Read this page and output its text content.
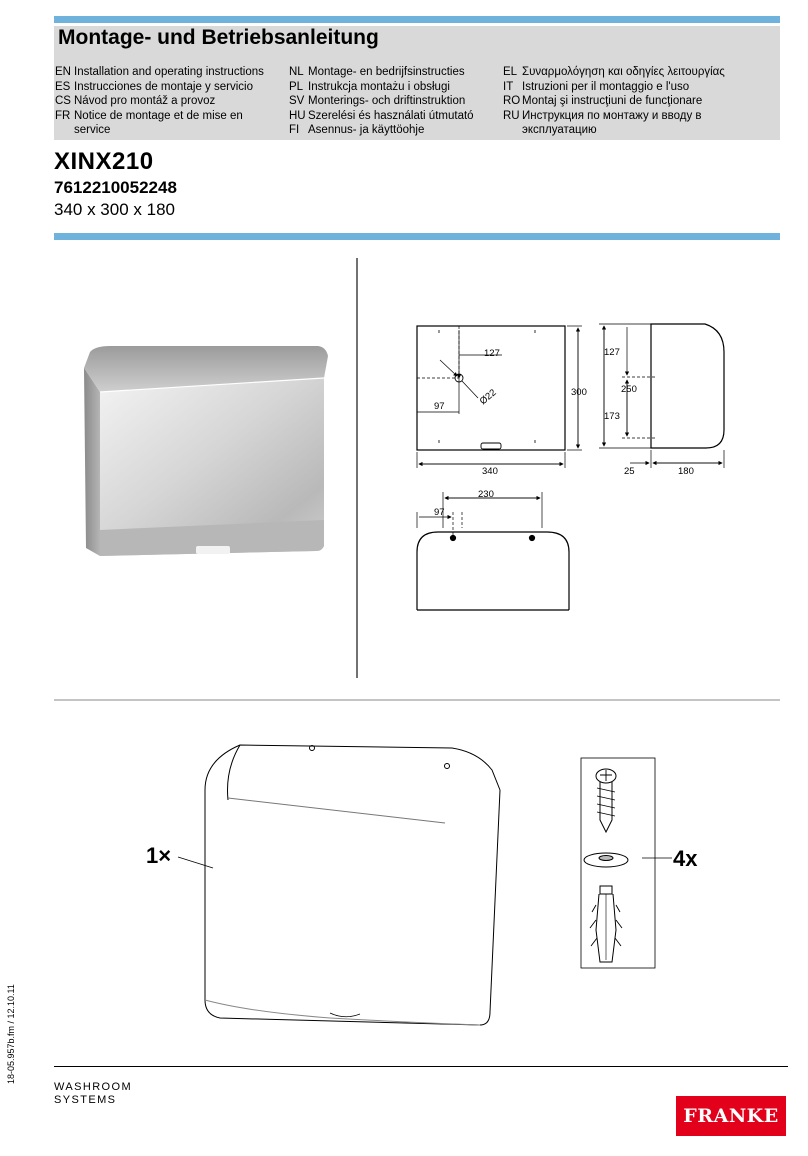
Montage- und Betriebsanleitung
EN Installation and operating instructions
ES Instrucciones de montaje y servicio
CS Návod pro montáž a provoz
FR Notice de montage et de mise en service
NL Montage- en bedrijfsinstructies
PL Instrukcja montażu i obsługi
SV Monterings- och driftinstruktion
HU Szerelési és használati útmutató
FI Asennus- ja käyttöohje
EL Συναρμολόγηση και οδηγίες λειτουργίας
IT Istruzioni per il montaggio e l'uso
RO Montaj şi instrucţiuni de funcţionare
RU Инструкция по монтажу и вводу в эксплуатацию
XINX210
7612210052248
340 x 300 x 180
127
97	Ø22	300
340
127
250
173
25	180
230
97
1×	4x
18-05.957b.fm / 12.10.11
WASHROOM
SYSTEMS
FRANKE
